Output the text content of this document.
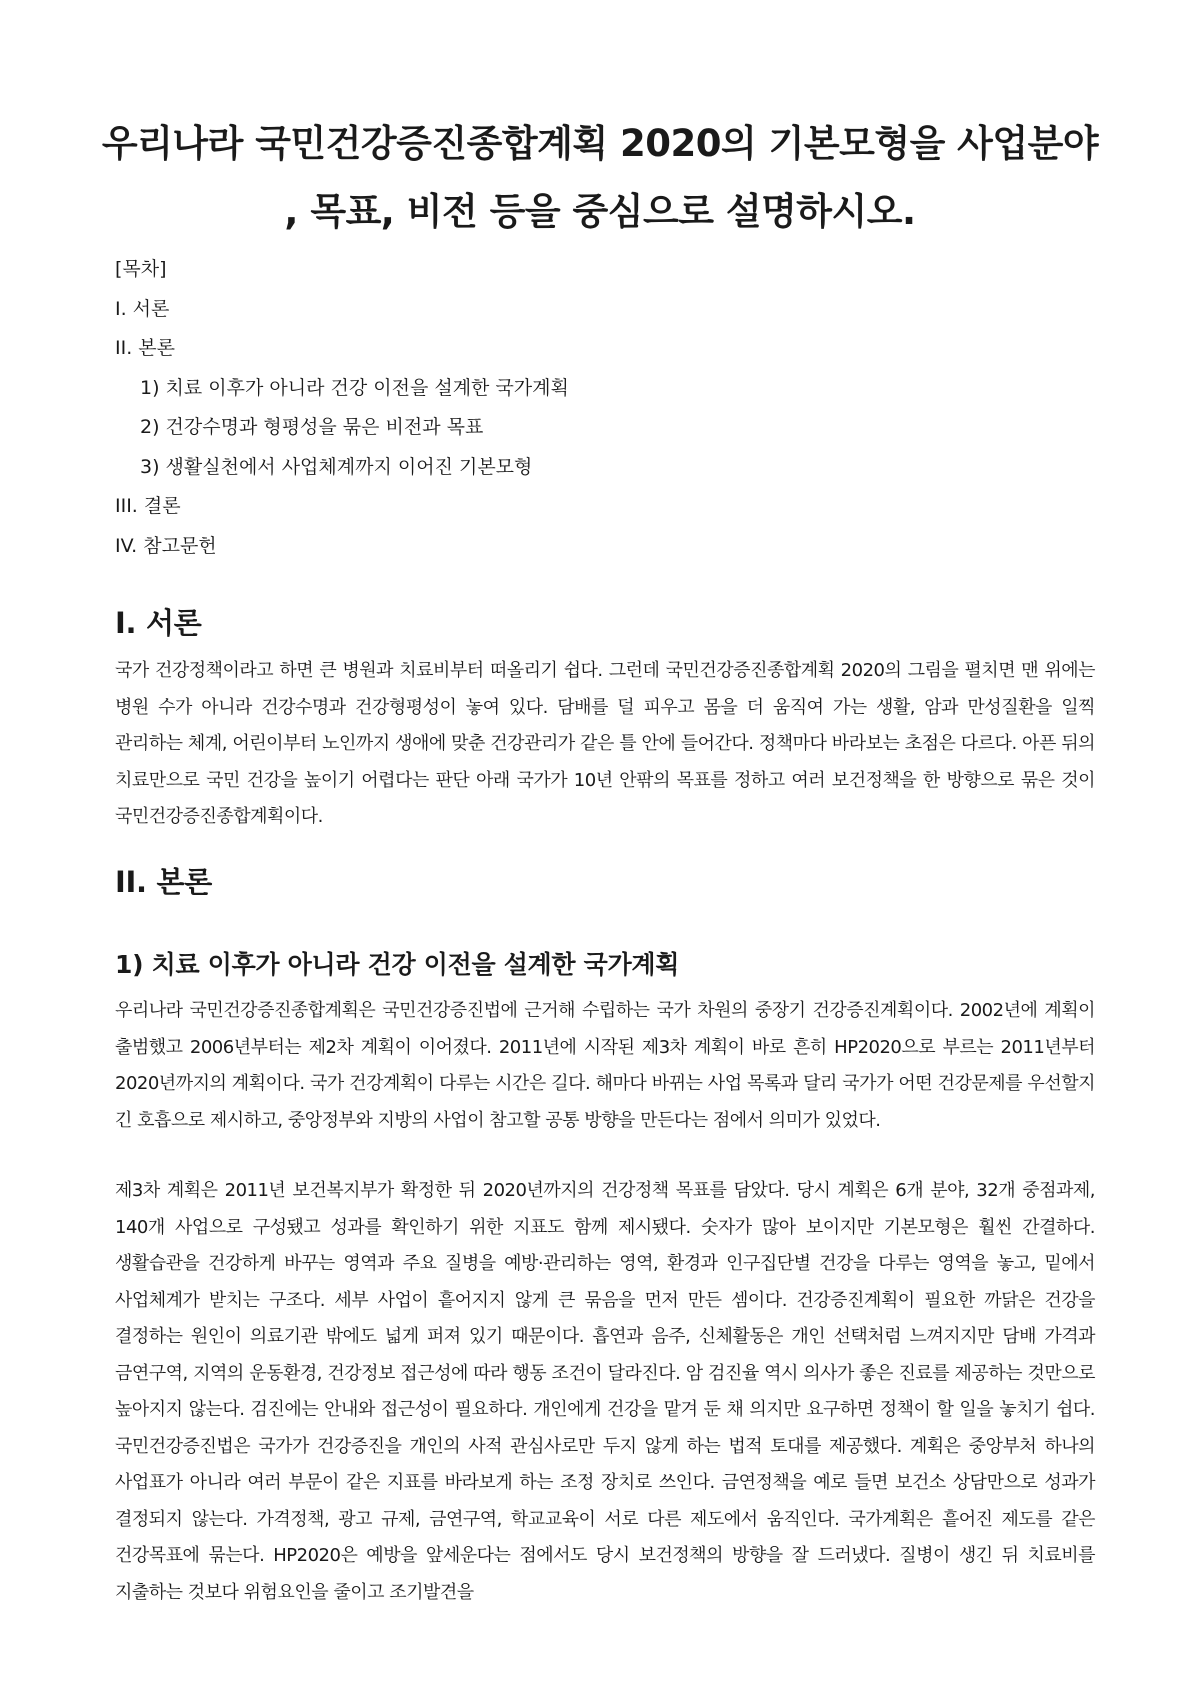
우리나라 국민건강증진종합계획 2020의 기본모형을 사업분야 , 목표, 비전 등을 중심으로 설명하시오.
[목차]
I. 서론
II. 본론
1) 치료 이후가 아니라 건강 이전을 설계한 국가계획
2) 건강수명과 형평성을 묶은 비전과 목표
3) 생활실천에서 사업체계까지 이어진 기본모형
III. 결론
IV. 참고문헌
I. 서론

국가 건강정책이라고 하면 큰 병원과 치료비부터 떠올리기 쉽다. 그런데 국민건강증진종합계획 2020의 그림을 펼치면 맨 위에는 병원 수가 아니라 건강수명과 건강형평성이 놓여 있다. 담배를 덜 피우고 몸을 더 움직여 가는 생활, 암과 만성질환을 일찍 관리하는 체계, 어린이부터 노인까지 생애에 맞춘 건강관리가 같은 틀 안에 들어간다. 정책마다 바라보는 초점은 다르다. 아픈 뒤의 치료만으로 국민 건강을 높이기 어렵다는 판단 아래 국가가 10년 안팎의 목표를 정하고 여러 보건정책을 한 방향으로 묶은 것이 국민건강증진종합계획이다.

II. 본론
1) 치료 이후가 아니라 건강 이전을 설계한 국가계획

우리나라 국민건강증진종합계획은 국민건강증진법에 근거해 수립하는 국가 차원의 중장기 건강증진계획이다. 2002년에 계획이 출범했고 2006년부터는 제2차 계획이 이어졌다. 2011년에 시작된 제3차 계획이 바로 흔히 HP2020으로 부르는 2011년부터 2020년까지의 계획이다. 국가 건강계획이 다루는 시간은 길다. 해마다 바뀌는 사업 목록과 달리 국가가 어떤 건강문제를 우선할지 긴 호흡으로 제시하고, 중앙정부와 지방의 사업이 참고할 공통 방향을 만든다는 점에서 의미가 있었다.

제3차 계획은 2011년 보건복지부가 확정한 뒤 2020년까지의 건강정책 목표를 담았다. 당시 계획은 6개 분야, 32개 중점과제, 140개 사업으로 구성됐고 성과를 확인하기 위한 지표도 함께 제시됐다. 숫자가 많아 보이지만 기본모형은 훨씬 간결하다. 생활습관을 건강하게 바꾸는 영역과 주요 질병을 예방·관리하는 영역, 환경과 인구집단별 건강을 다루는 영역을 놓고, 밑에서 사업체계가 받치는 구조다. 세부 사업이 흩어지지 않게 큰 묶음을 먼저 만든 셈이다. 건강증진계획이 필요한 까닭은 건강을 결정하는 원인이 의료기관 밖에도 넓게 퍼져 있기 때문이다. 흡연과 음주, 신체활동은 개인 선택처럼 느껴지지만 담배 가격과 금연구역, 지역의 운동환경, 건강정보 접근성에 따라 행동 조건이 달라진다. 암 검진율 역시 의사가 좋은 진료를 제공하는 것만으로 높아지지 않는다. 검진에는 안내와 접근성이 필요하다. 개인에게 건강을 맡겨 둔 채 의지만 요구하면 정책이 할 일을 놓치기 쉽다. 국민건강증진법은 국가가 건강증진을 개인의 사적 관심사로만 두지 않게 하는 법적 토대를 제공했다. 계획은 중앙부처 하나의 사업표가 아니라 여러 부문이 같은 지표를 바라보게 하는 조정 장치로 쓰인다. 금연정책을 예로 들면 보건소 상담만으로 성과가 결정되지 않는다. 가격정책, 광고 규제, 금연구역, 학교교육이 서로 다른 제도에서 움직인다. 국가계획은 흩어진 제도를 같은 건강목표에 묶는다. HP2020은 예방을 앞세운다는 점에서도 당시 보건정책의 방향을 잘 드러냈다. 질병이 생긴 뒤 치료비를 지출하는 것보다 위험요인을 줄이고 조기발견을
